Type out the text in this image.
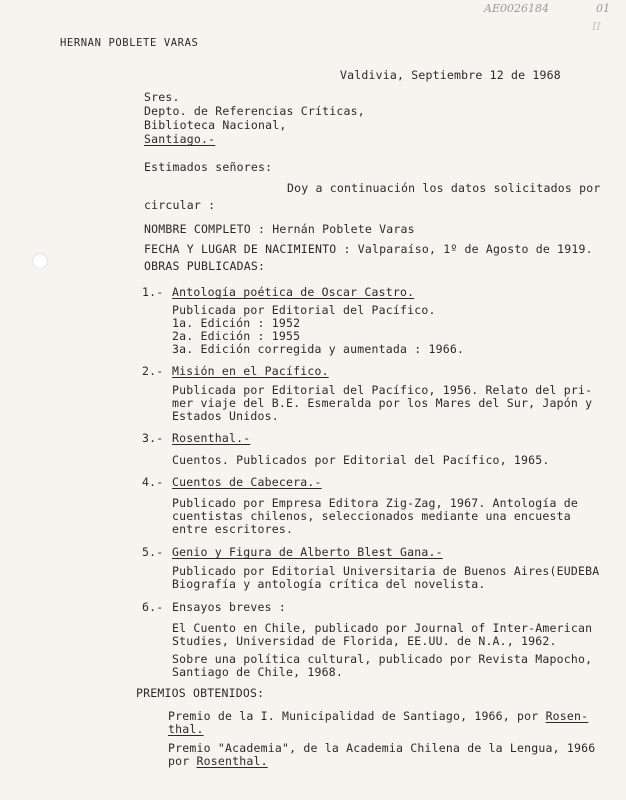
AE0026184	01
II
HERNAN POBLETE VARAS
Valdivia, Septiembre 12 de 1968
Sres.
Depto. de Referencias Críticas,
Biblioteca Nacional,
Santiago.-
Estimados señores:
Doy a continuación los datos solicitados por
circular :
NOMBRE COMPLETO : Hernán Poblete Varas
FECHA Y LUGAR DE NACIMIENTO : Valparaíso, 1º de Agosto de 1919.
OBRAS PUBLICADAS:
1.- Antología poética de Oscar Castro.
Publicada por Editorial del Pacífico.
1a. Edición : 1952
2a. Edición : 1955
3a. Edición corregida y aumentada : 1966.
2.- Misión en el Pacífico.
Publicada por Editorial del Pacífico, 1956. Relato del pri-
mer viaje del B.E. Esmeralda por los Mares del Sur, Japón y
Estados Unidos.
3.- Rosenthal.-
Cuentos. Publicados por Editorial del Pacífico, 1965.
4.- Cuentos de Cabecera.-
Publicado por Empresa Editora Zig-Zag, 1967. Antología de
cuentistas chilenos, seleccionados mediante una encuesta
entre escritores.
5.- Genio y Figura de Alberto Blest Gana.-
Publicado por Editorial Universitaria de Buenos Aires(EUDEBA
Biografía y antología crítica del novelista.
6.- Ensayos breves :
El Cuento en Chile, publicado por Journal of Inter-American
Studies, Universidad de Florida, EE.UU. de N.A., 1962.
Sobre una política cultural, publicado por Revista Mapocho,
Santiago de Chile, 1968.
PREMIOS OBTENIDOS:
Premio de la I. Municipalidad de Santiago, 1966, por Rosen-
thal.
Premio "Academia", de la Academia Chilena de la Lengua, 1966
por Rosenthal.
